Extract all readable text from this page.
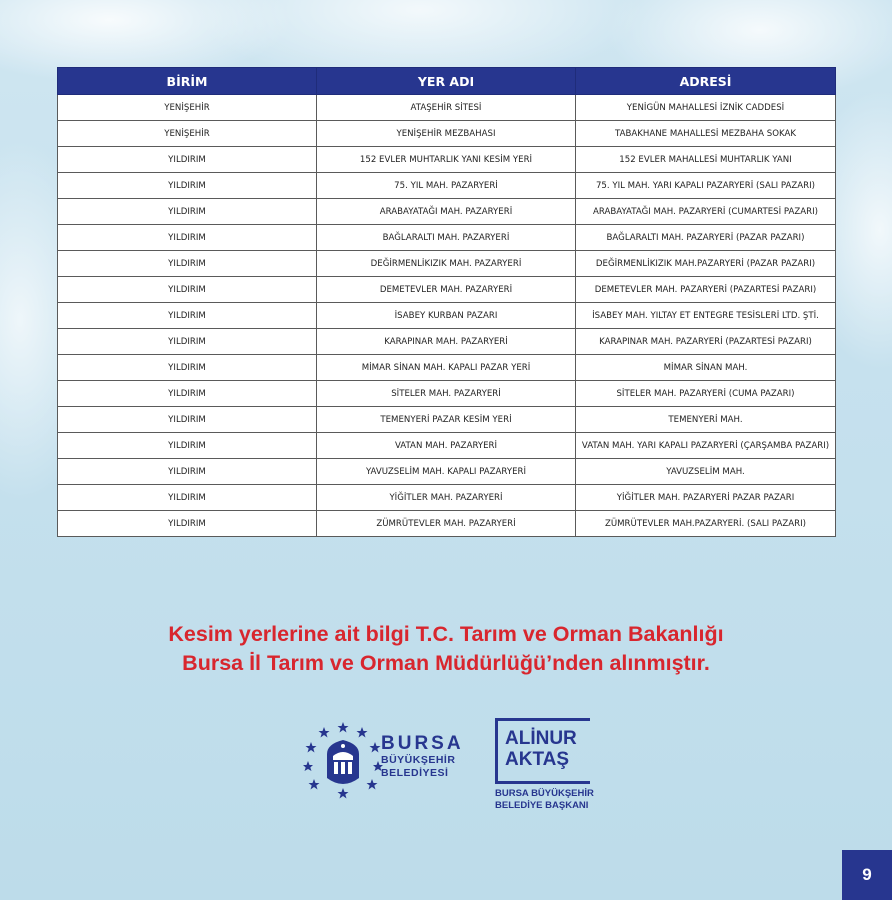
BİRİM	YER ADI	ADRESİ
YENİŞEHİR	ATAŞEHİR SİTESİ	YENİGÜN MAHALLESİ İZNİK CADDESİ
YENİŞEHİR	YENİŞEHİR MEZBAHASI	TABAKHANE MAHALLESİ MEZBAHA SOKAK
YILDIRIM	152 EVLER MUHTARLIK YANI KESİM YERİ	152 EVLER MAHALLESİ MUHTARLIK YANI
YILDIRIM	75. YIL MAH. PAZARYERİ	75. YIL MAH. YARI KAPALI PAZARYERİ (SALI PAZARI)
YILDIRIM	ARABAYATAĞI MAH. PAZARYERİ	ARABAYATAĞI MAH. PAZARYERİ (CUMARTESİ PAZARI)
YILDIRIM	BAĞLARALTI MAH. PAZARYERİ	BAĞLARALTI MAH. PAZARYERİ (PAZAR PAZARI)
YILDIRIM	DEĞİRMENLİKIZIK MAH. PAZARYERİ	DEĞİRMENLİKIZIK MAH.PAZARYERİ (PAZAR PAZARI)
YILDIRIM	DEMETEVLER MAH. PAZARYERİ	DEMETEVLER MAH. PAZARYERİ (PAZARTESİ PAZARI)
YILDIRIM	İSABEY KURBAN PAZARI	İSABEY MAH. YILTAY ET ENTEGRE TESİSLERİ LTD. ŞTİ.
YILDIRIM	KARAPINAR MAH. PAZARYERİ	KARAPINAR MAH. PAZARYERİ (PAZARTESİ PAZARI)
YILDIRIM	MİMAR SİNAN MAH. KAPALI PAZAR YERİ	MİMAR SİNAN MAH.
YILDIRIM	SİTELER MAH. PAZARYERİ	SİTELER MAH. PAZARYERİ (CUMA PAZARI)
YILDIRIM	TEMENYERİ PAZAR KESİM YERİ	TEMENYERİ MAH.
YILDIRIM	VATAN MAH. PAZARYERİ	VATAN MAH. YARI KAPALI PAZARYERİ (ÇARŞAMBA PAZARI)
YILDIRIM	YAVUZSELİM MAH. KAPALI PAZARYERİ	YAVUZSELİM MAH.
YILDIRIM	YİĞİTLER MAH. PAZARYERİ	YİĞİTLER MAH. PAZARYERİ PAZAR PAZARI
YILDIRIM	ZÜMRÜTEVLER MAH. PAZARYERİ	ZÜMRÜTEVLER MAH.PAZARYERİ. (SALI PAZARI)
Kesim yerlerine ait bilgi T.C. Tarım ve Orman Bakanlığı
Bursa İl Tarım ve Orman Müdürlüğü’nden alınmıştır.
BURSA
BÜYÜKŞEHİR
BELEDİYESİ
ALİNUR
AKTAŞ
BURSA BÜYÜKŞEHİR
BELEDİYE BAŞKANI
9
